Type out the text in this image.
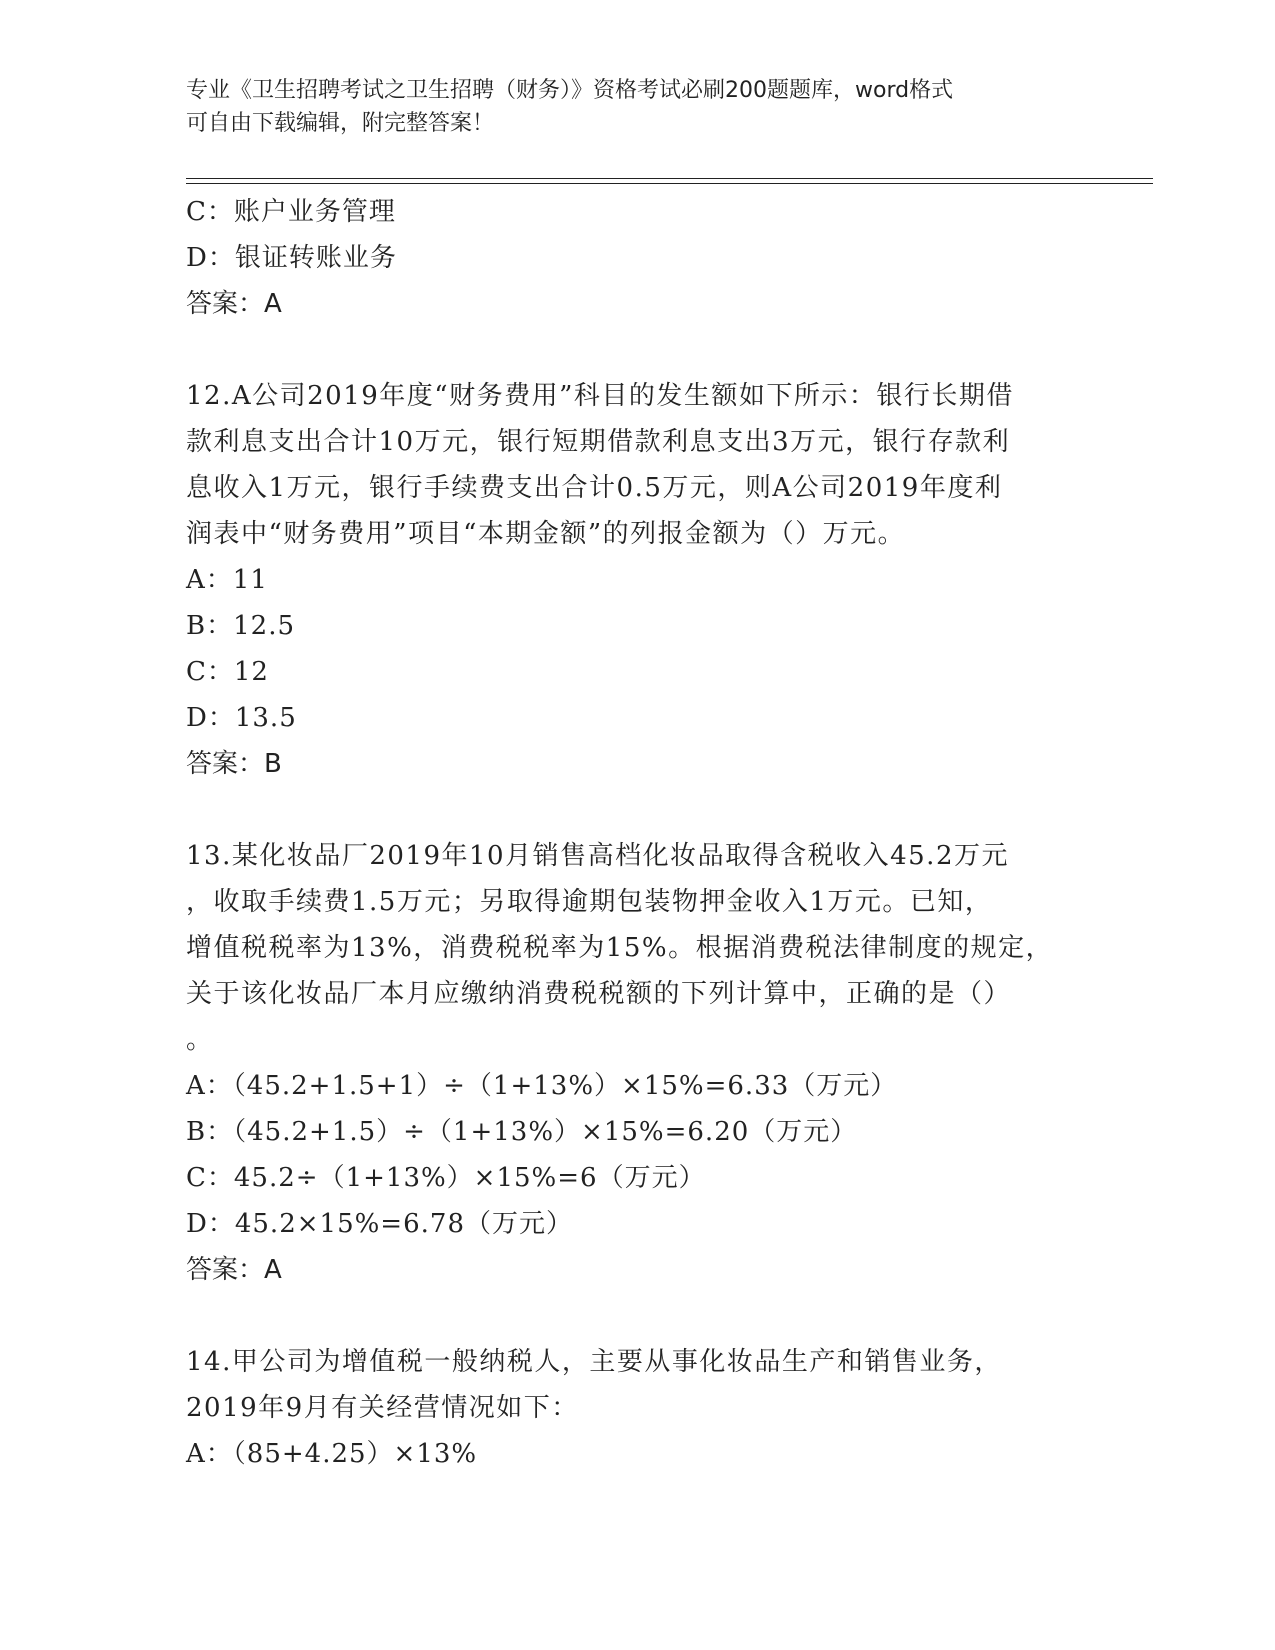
专业《卫生招聘考试之卫生招聘（财务）》资格考试必刷200题题库，word格式
可自由下载编辑，附完整答案！
C：账户业务管理
D：银证转账业务
答案：A
12.A公司2019年度“财务费用”科目的发生额如下所示：银行长期借
款利息支出合计10万元，银行短期借款利息支出3万元，银行存款利
息收入1万元，银行手续费支出合计0.5万元，则A公司2019年度利
润表中“财务费用”项目“本期金额”的列报金额为（）万元。
A：11
B：12.5
C：12
D：13.5
答案：B
13.某化妆品厂2019年10月销售高档化妆品取得含税收入45.2万元
，收取手续费1.5万元；另取得逾期包装物押金收入1万元。已知，
增值税税率为13%，消费税税率为15%。根据消费税法律制度的规定，
关于该化妆品厂本月应缴纳消费税税额的下列计算中，正确的是（）
。
A：（45.2+1.5+1）÷（1+13%）×15%=6.33（万元）
B：（45.2+1.5）÷（1+13%）×15%=6.20（万元）
C：45.2÷（1+13%）×15%=6（万元）
D：45.2×15%=6.78（万元）
答案：A
14.甲公司为增值税一般纳税人，主要从事化妆品生产和销售业务，
2019年9月有关经营情况如下：
A：（85+4.25）×13%
